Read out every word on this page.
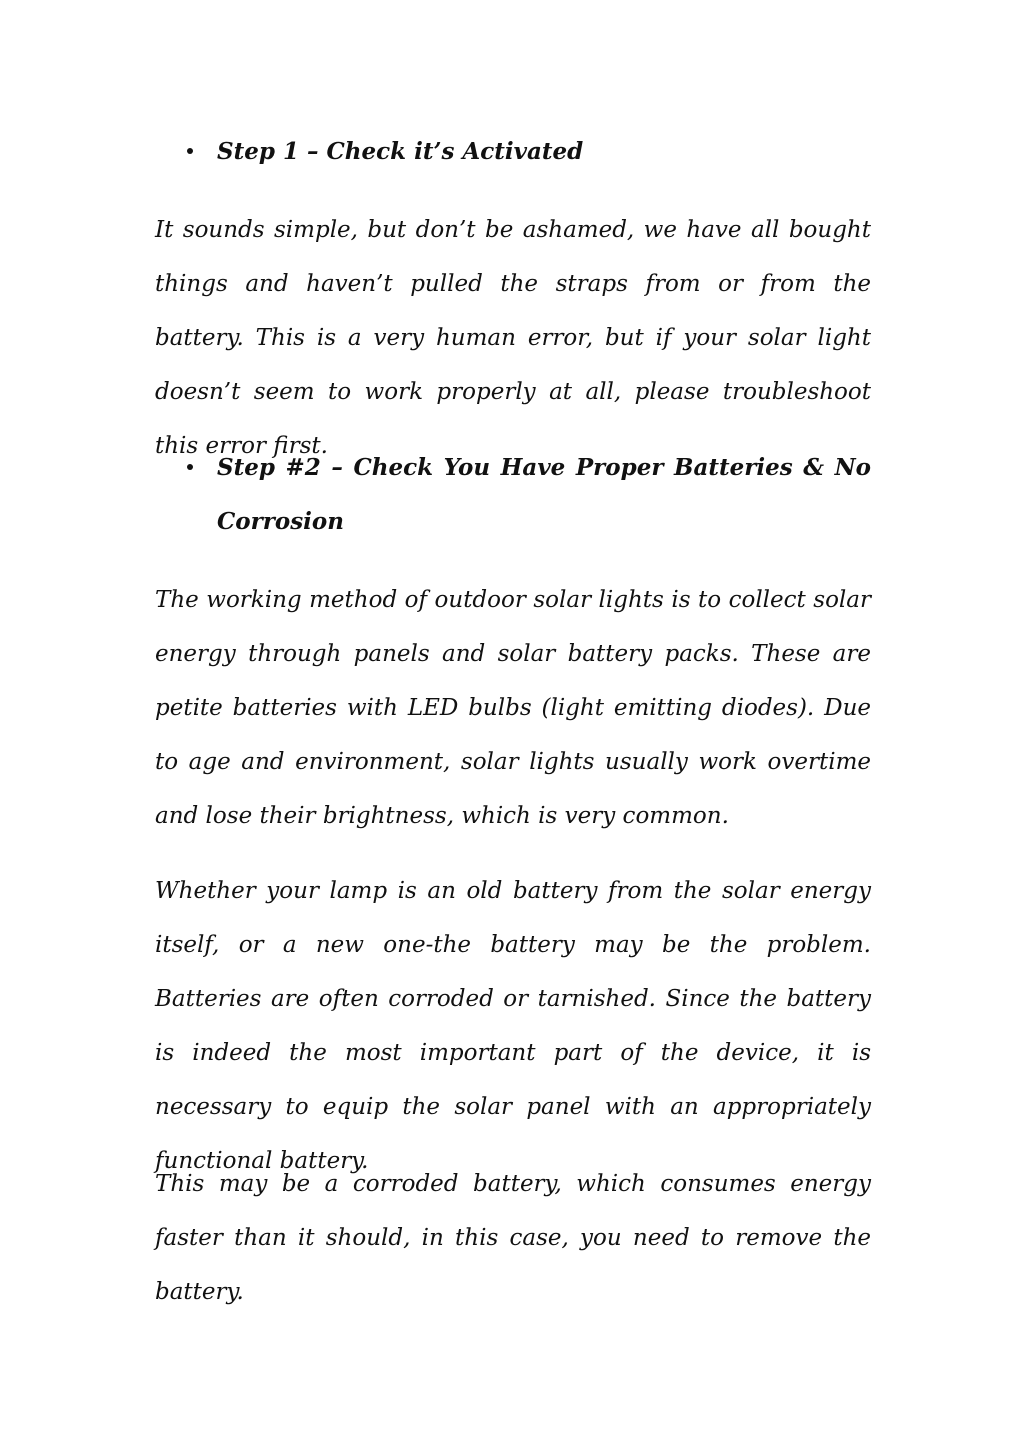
Step 1 – Check it’s Activated

It sounds simple, but don’t be ashamed, we have all bought things and haven’t pulled the straps from or from the battery. This is a very human error, but if your solar light doesn’t seem to work properly at all, please troubleshoot this error first.

Step #2 – Check You Have Proper Batteries & No Corrosion

The working method of outdoor solar lights is to collect solar energy through panels and solar battery packs. These are petite batteries with LED bulbs (light emitting diodes). Due to age and environment, solar lights usually work overtime and lose their brightness, which is very common.

Whether your lamp is an old battery from the solar energy itself, or a new one-the battery may be the problem. Batteries are often corroded or tarnished. Since the battery is indeed the most important part of the device, it is necessary to equip the solar panel with an appropriately functional battery.

This may be a corroded battery, which consumes energy faster than it should, in this case, you need to remove the battery.
